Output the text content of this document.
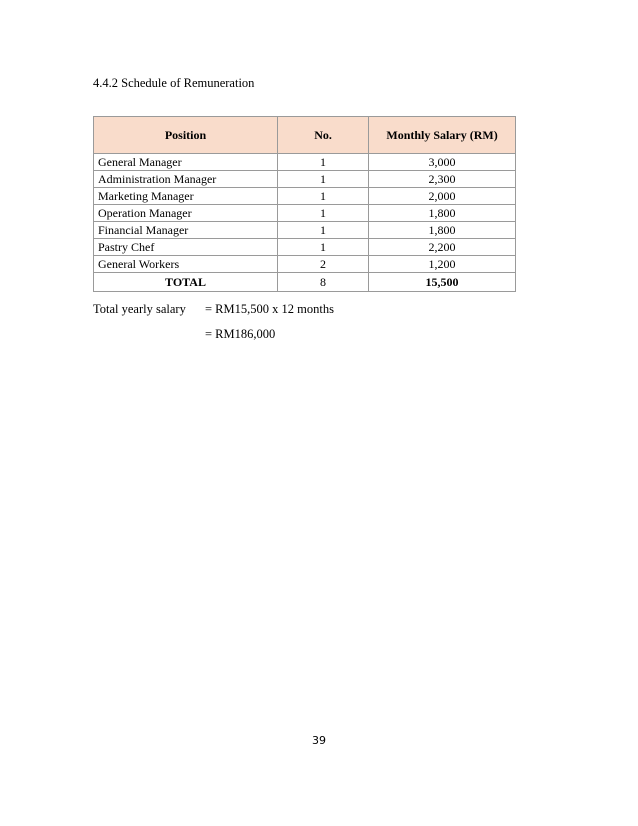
4.4.2 Schedule of Remuneration
Position	No.	Monthly Salary (RM)
General Manager	1	3,000
Administration Manager	1	2,300
Marketing Manager	1	2,000
Operation Manager	1	1,800
Financial Manager	1	1,800
Pastry Chef	1	2,200
General Workers	2	1,200
TOTAL	8	15,500
Total yearly salary = RM15,500 x 12 months
= RM186,000
39
